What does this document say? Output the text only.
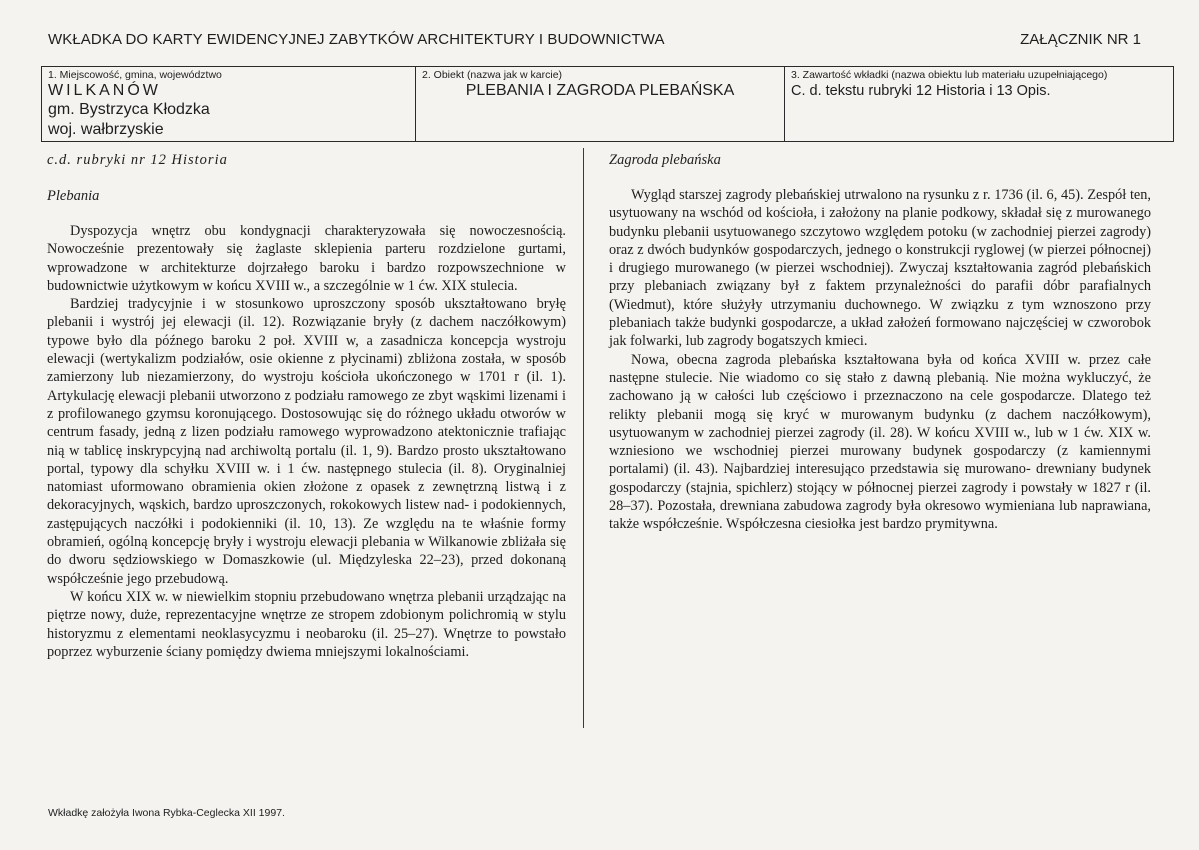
WKŁADKA DO KARTY EWIDENCYJNEJ ZABYTKÓW ARCHITEKTURY I BUDOWNICTWA	ZAŁĄCZNIK NR 1
1. Miejscowość, gmina, województwo
WILKANÓW
gm. Bystrzyca Kłodzka
woj. wałbrzyskie
2. Obiekt (nazwa jak w karcie)
PLEBANIA I ZAGRODA PLEBAŃSKA
3. Zawartość wkładki (nazwa obiektu lub materiału uzupełniającego)
C. d. tekstu rubryki 12 Historia i 13 Opis.
c.d. rubryki nr 12 Historia
Plebania

Dyspozycja wnętrz obu kondygnacji charakteryzowała się nowoczesnością. Nowocześnie prezentowały się żaglaste sklepienia parteru rozdzielone gurtami, wprowadzone w architekturze dojrzałego baroku i bardzo rozpowszechnione w budownictwie użytkowym w końcu XVIII w., a szczególnie w 1 ćw. XIX stulecia.

Bardziej tradycyjnie i w stosunkowo uproszczony sposób ukształtowano bryłę plebanii i wystrój jej elewacji (il. 12). Rozwiązanie bryły (z dachem naczółkowym) typowe było dla późnego baroku 2 poł. XVIII w, a zasadnicza koncepcja wystroju elewacji (wertykalizm podziałów, osie okienne z płycinami) zbliżona została, w sposób zamierzony lub niezamierzony, do wystroju kościoła ukończonego w 1701 r (il. 1). Artykulację elewacji plebanii utworzono z podziału ramowego ze zbyt wąskimi lizenami i z profilowanego gzymsu koronującego. Dostosowując się do różnego układu otworów w centrum fasady, jedną z lizen podziału ramowego wyprowadzono atektonicznie trafiając nią w tablicę inskrypcyjną nad archiwoltą portalu (il. 1, 9). Bardzo prosto ukształtowano portal, typowy dla schyłku XVIII w. i 1 ćw. następnego stulecia (il. 8). Oryginalniej natomiast uformowano obramienia okien złożone z opasek z zewnętrzną listwą i z dekoracyjnych, wąskich, bardzo uproszczonych, rokokowych listew nad- i podokiennych, zastępujących naczółki i podokienniki (il. 10, 13). Ze względu na te właśnie formy obramień, ogólną koncepcję bryły i wystroju elewacji plebania w Wilkanowie zbliżała się do dworu sędziowskiego w Domaszkowie (ul. Międzyleska 22–23), przed dokonaną współcześnie jego przebudową.

W końcu XIX w. w niewielkim stopniu przebudowano wnętrza plebanii urządzając na piętrze nowy, duże, reprezentacyjne wnętrze ze stropem zdobionym polichromią w stylu historyzmu z elementami neoklasycyzmu i neobaroku (il. 25–27). Wnętrze to powstało poprzez wyburzenie ściany pomiędzy dwiema mniejszymi lokalnościami.

Zagroda plebańska

Wygląd starszej zagrody plebańskiej utrwalono na rysunku z r. 1736 (il. 6, 45). Zespół ten, usytuowany na wschód od kościoła, i założony na planie podkowy, składał się z murowanego budynku plebanii usytuowanego szczytowo względem potoku (w zachodniej pierzei zagrody) oraz z dwóch budynków gospodarczych, jednego o konstrukcji ryglowej (w pierzei północnej) i drugiego murowanego (w pierzei wschodniej). Zwyczaj kształtowania zagród plebańskich przy plebaniach związany był z faktem przynależności do parafii dóbr parafialnych (Wiedmut), które służyły utrzymaniu duchownego. W związku z tym wznoszono przy plebaniach także budynki gospodarcze, a układ założeń formowano najczęściej w czworobok jak folwarki, lub zagrody bogatszych kmieci.

Nowa, obecna zagroda plebańska kształtowana była od końca XVIII w. przez całe następne stulecie. Nie wiadomo co się stało z dawną plebanią. Nie można wykluczyć, że zachowano ją w całości lub częściowo i przeznaczono na cele gospodarcze. Dlatego też relikty plebanii mogą się kryć w murowanym budynku (z dachem naczółkowym), usytuowanym w zachodniej pierzei zagrody (il. 28). W końcu XVIII w., lub w 1 ćw. XIX w. wzniesiono we wschodniej pierzei murowany budynek gospodarczy (z kamiennymi portalami) (il. 43). Najbardziej interesująco przedstawia się murowano- drewniany budynek gospodarczy (stajnia, spichlerz) stojący w północnej pierzei zagrody i powstały w 1827 r (il. 28–37). Pozostała, drewniana zabudowa zagrody była okresowo wymieniana lub naprawiana, także współcześnie. Współczesna ciesiołka jest bardzo prymitywna.

Wkładkę założyła Iwona Rybka-Ceglecka XII 1997.
